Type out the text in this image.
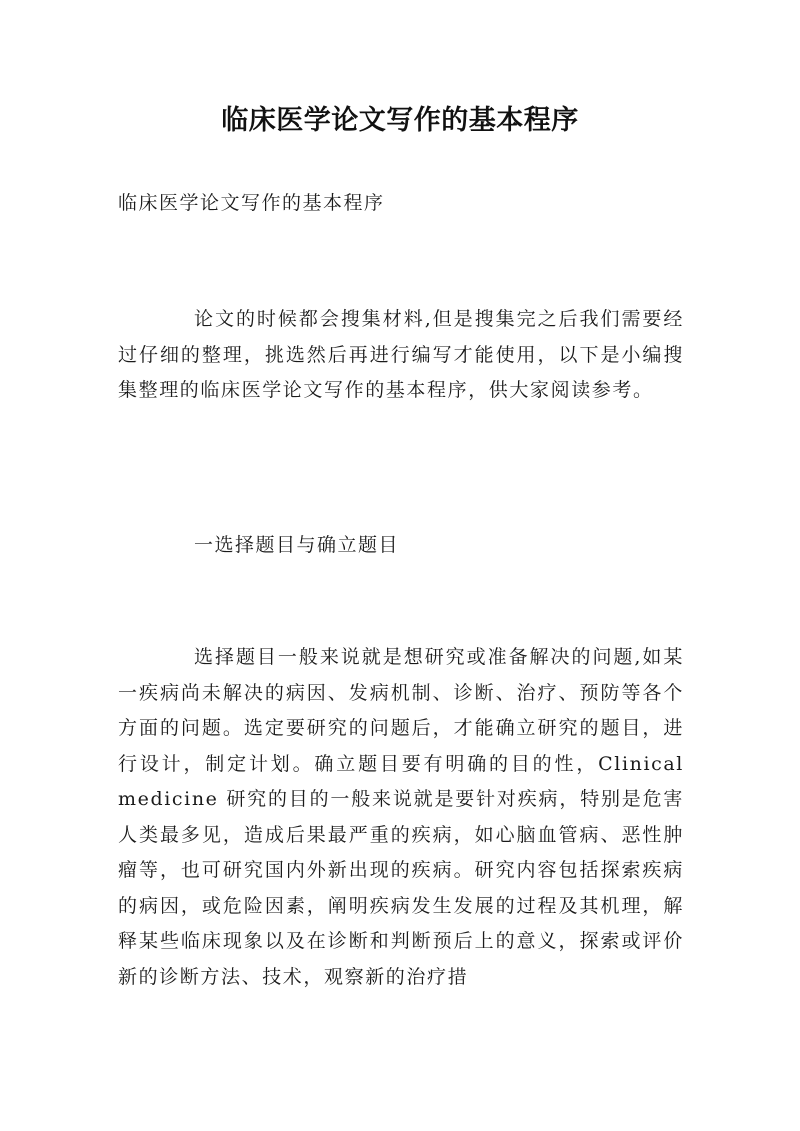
临床医学论文写作的基本程序

临床医学论文写作的基本程序

论文的时候都会搜集材料,但是搜集完之后我们需要经过仔细的整理，挑选然后再进行编写才能使用，以下是小编搜集整理的临床医学论文写作的基本程序，供大家阅读参考。

一选择题目与确立题目

选择题目一般来说就是想研究或准备解决的问题,如某一疾病尚未解决的病因、发病机制、诊断、治疗、预防等各个方面的问题。选定要研究的问题后，才能确立研究的题目，进行设计，制定计划。确立题目要有明确的目的性，Clinical medicine 研究的目的一般来说就是要针对疾病，特别是危害人类最多见，造成后果最严重的疾病，如心脑血管病、恶性肿瘤等，也可研究国内外新出现的疾病。研究内容包括探索疾病的病因，或危险因素，阐明疾病发生发展的过程及其机理，解释某些临床现象以及在诊断和判断预后上的意义，探索或评价新的诊断方法、技术，观察新的治疗措
